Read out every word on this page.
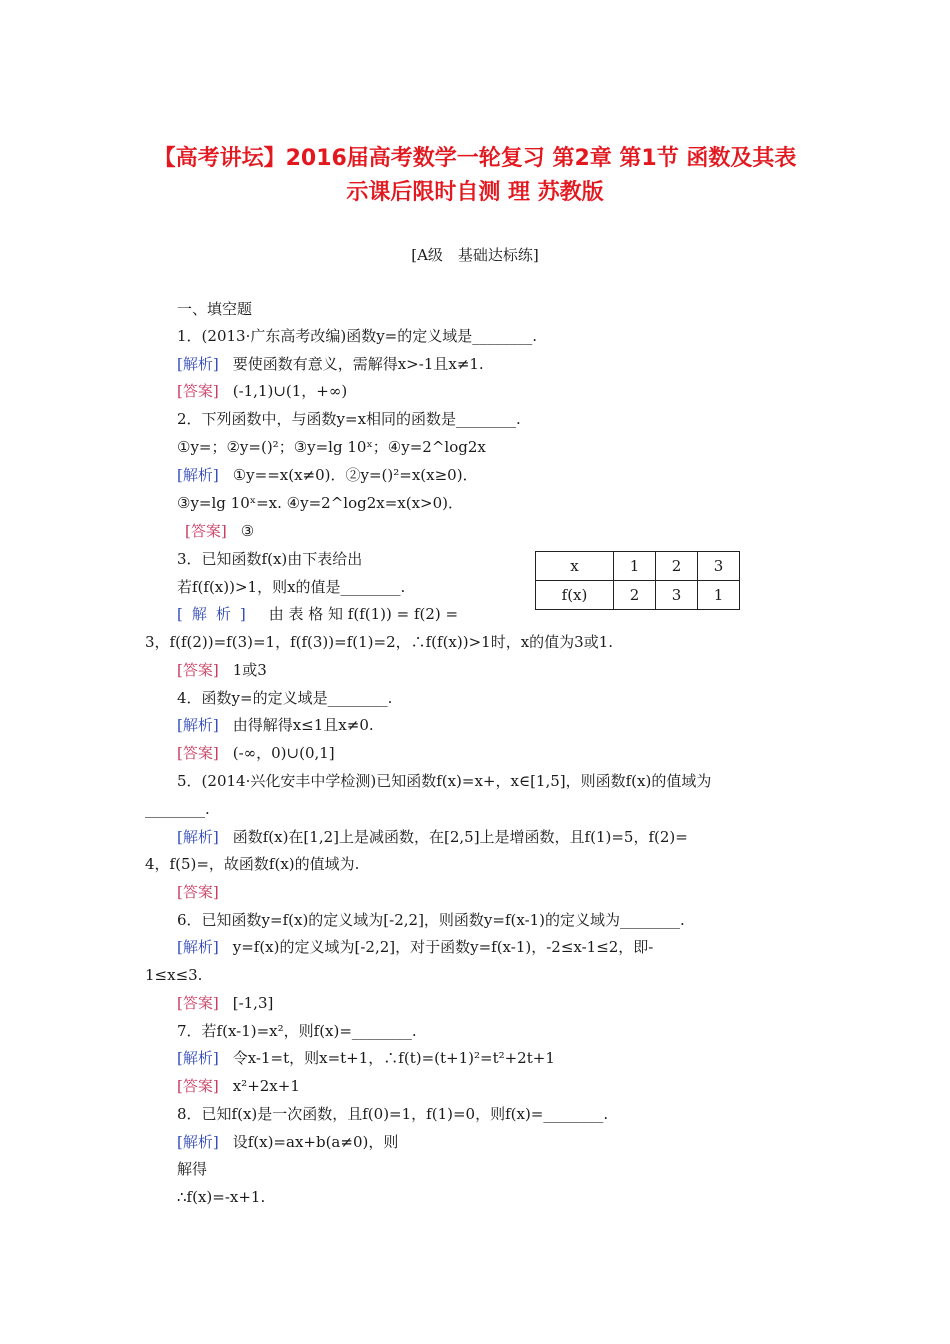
【高考讲坛】2016届高考数学一轮复习 第2章 第1节 函数及其表
示课后限时自测 理 苏教版
[A级　基础达标练]
一、填空题
1．(2013·广东高考改编)函数y=的定义域是________.
[解析] 要使函数有意义，需解得x>-1且x≠1.
[答案] (-1,1)∪(1，+∞)
2．下列函数中，与函数y=x相同的函数是________.
①y=；②y=()²；③y=lg 10ˣ；④y=2^log2x
[解析] ①y==x(x≠0)．②y=()²=x(x≥0)．
③y=lg 10ˣ=x. ④y=2^log2x=x(x>0)．
[答案] ③
3．已知函数f(x)由下表给出
若f(f(x))>1，则x的值是________.
x	1	2	3
f(x)	2	3	1
[解析] 由 表 格 知 f(f(1)) = f(2) =
3，f(f(2))=f(3)=1，f(f(3))=f(1)=2，∴f(f(x))>1时，x的值为3或1.
[答案] 1或3
4．函数y=的定义域是________.
[解析] 由得解得x≤1且x≠0.
[答案] (-∞，0)∪(0,1]
5．(2014·兴化安丰中学检测)已知函数f(x)=x+，x∈[1,5]，则函数f(x)的值域为
________.
[解析] 函数f(x)在[1,2]上是减函数，在[2,5]上是增函数，且f(1)=5，f(2)=
4，f(5)=，故函数f(x)的值域为.
[答案]
6．已知函数y=f(x)的定义域为[-2,2]，则函数y=f(x-1)的定义域为________.
[解析] y=f(x)的定义域为[-2,2]，对于函数y=f(x-1)，-2≤x-1≤2，即-
1≤x≤3.
[答案] [-1,3]
7．若f(x-1)=x²，则f(x)=________.
[解析] 令x-1=t，则x=t+1，∴f(t)=(t+1)²=t²+2t+1
[答案] x²+2x+1
8．已知f(x)是一次函数，且f(0)=1，f(1)=0，则f(x)=________.
[解析] 设f(x)=ax+b(a≠0)，则
解得
∴f(x)=-x+1.
